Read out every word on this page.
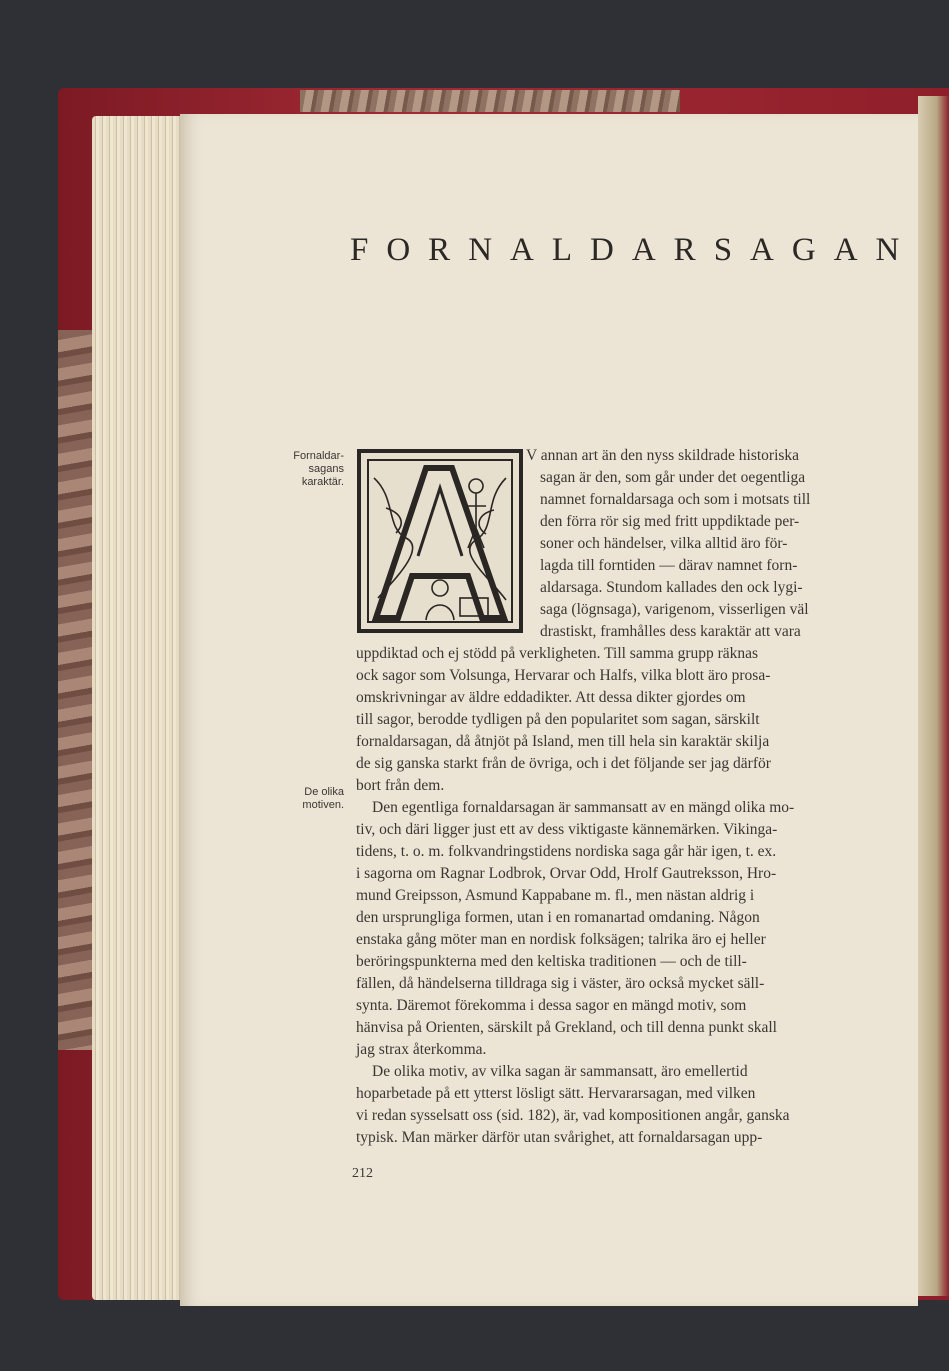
FORNALDARSAGAN
Fornaldar-
sagans
karaktär.
De olika
motiven.
V annan art än den nyss skildrade historiska
sagan är den, som går under det oegentliga
namnet fornaldarsaga och som i motsats till
den förra rör sig med fritt uppdiktade per-
soner och händelser, vilka alltid äro för-
lagda till forntiden — därav namnet forn-
aldarsaga. Stundom kallades den ock lygi-
saga (lögnsaga), varigenom, visserligen väl
drastiskt, framhålles dess karaktär att vara
uppdiktad och ej stödd på verkligheten. Till samma grupp räknas
ock sagor som Volsunga, Hervarar och Halfs, vilka blott äro prosa-
omskrivningar av äldre eddadikter. Att dessa dikter gjordes om
till sagor, berodde tydligen på den popularitet som sagan, särskilt
fornaldarsagan, då åtnjöt på Island, men till hela sin karaktär skilja
de sig ganska starkt från de övriga, och i det följande ser jag därför
bort från dem.
Den egentliga fornaldarsagan är sammansatt av en mängd olika mo-
tiv, och däri ligger just ett av dess viktigaste kännemärken. Vikinga-
tidens, t. o. m. folkvandringstidens nordiska saga går här igen, t. ex.
i sagorna om Ragnar Lodbrok, Orvar Odd, Hrolf Gautreksson, Hro-
mund Greipsson, Asmund Kappabane m. fl., men nästan aldrig i
den ursprungliga formen, utan i en romanartad omdaning. Någon
enstaka gång möter man en nordisk folksägen; talrika äro ej heller
beröringspunkterna med den keltiska traditionen — och de till-
fällen, då händelserna tilldraga sig i väster, äro också mycket säll-
synta. Däremot förekomma i dessa sagor en mängd motiv, som
hänvisa på Orienten, särskilt på Grekland, och till denna punkt skall
jag strax återkomma.
De olika motiv, av vilka sagan är sammansatt, äro emellertid
hoparbetade på ett ytterst lösligt sätt. Hervararsagan, med vilken
vi redan sysselsatt oss (sid. 182), är, vad kompositionen angår, ganska
typisk. Man märker därför utan svårighet, att fornaldarsagan upp-
212
